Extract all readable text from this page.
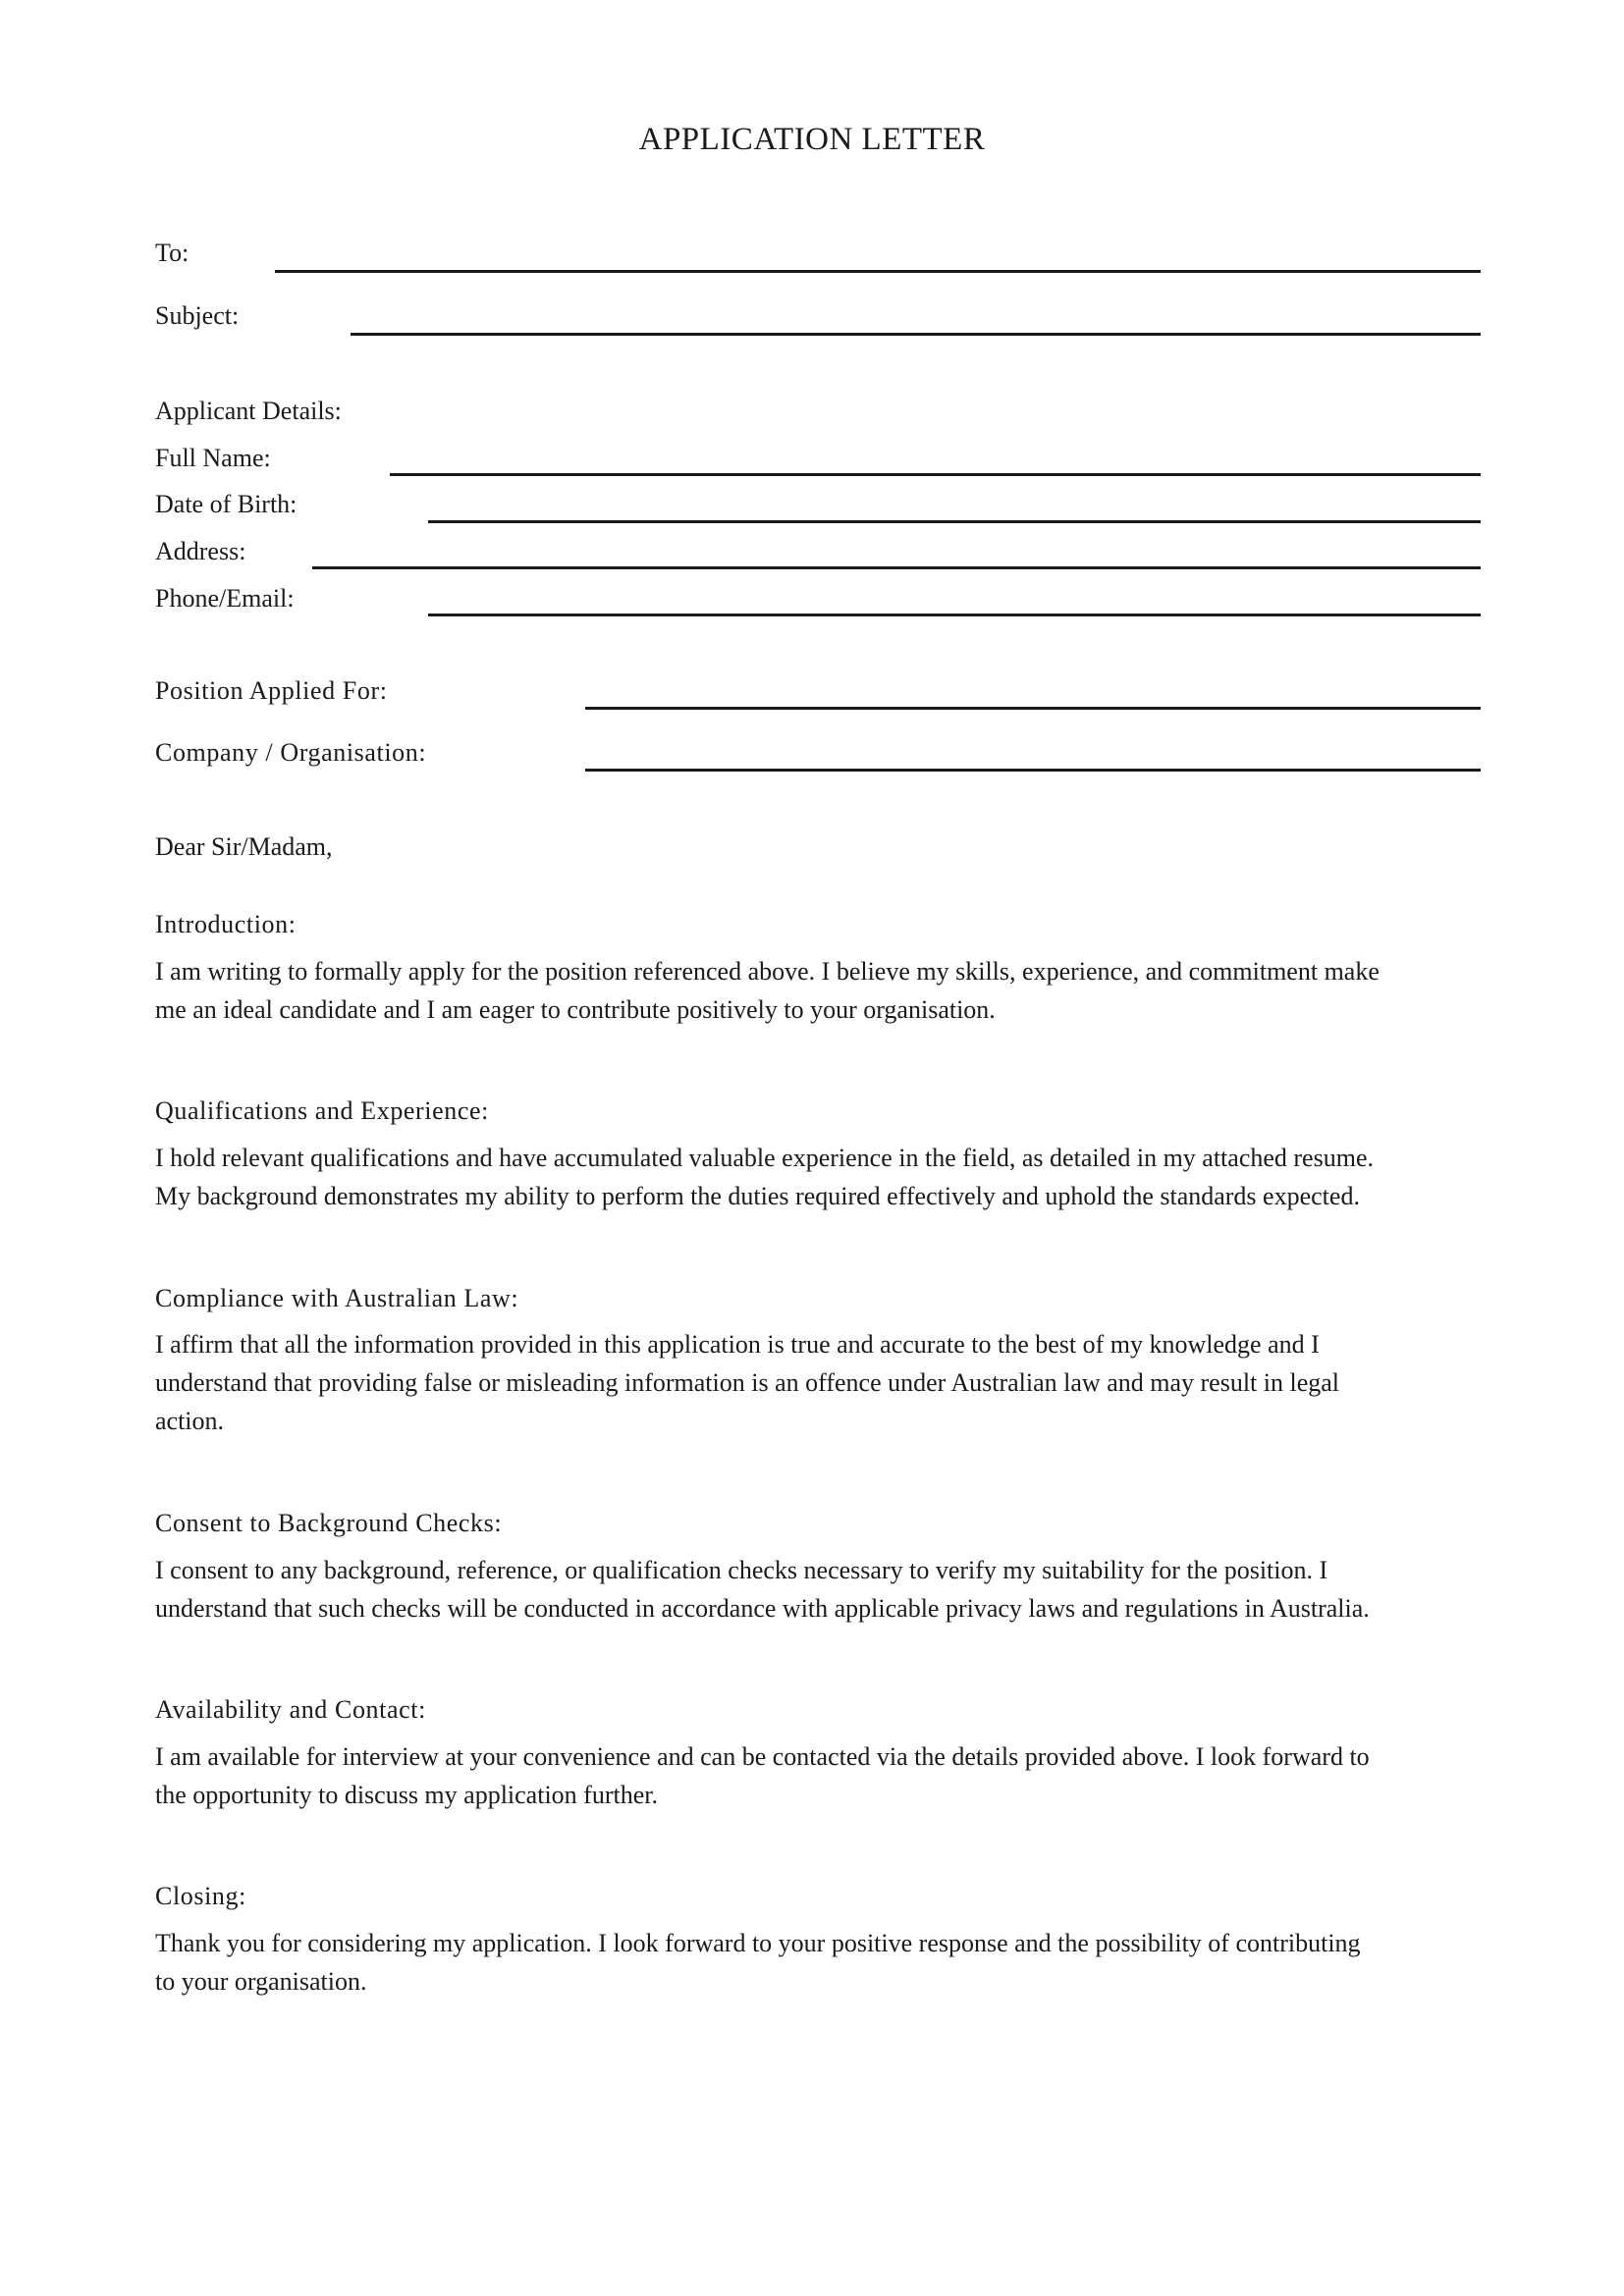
APPLICATION LETTER
To:
Subject:
Applicant Details:
Full Name:
Date of Birth:
Address:
Phone/Email:
Position Applied For:
Company / Organisation:
Dear Sir/Madam,
Introduction:
I am writing to formally apply for the position referenced above. I believe my skills, experience, and commitment make
me an ideal candidate and I am eager to contribute positively to your organisation.
Qualifications and Experience:
I hold relevant qualifications and have accumulated valuable experience in the field, as detailed in my attached resume.
My background demonstrates my ability to perform the duties required effectively and uphold the standards expected.
Compliance with Australian Law:
I affirm that all the information provided in this application is true and accurate to the best of my knowledge and I
understand that providing false or misleading information is an offence under Australian law and may result in legal
action.
Consent to Background Checks:
I consent to any background, reference, or qualification checks necessary to verify my suitability for the position. I
understand that such checks will be conducted in accordance with applicable privacy laws and regulations in Australia.
Availability and Contact:
I am available for interview at your convenience and can be contacted via the details provided above. I look forward to
the opportunity to discuss my application further.
Closing:
Thank you for considering my application. I look forward to your positive response and the possibility of contributing
to your organisation.
